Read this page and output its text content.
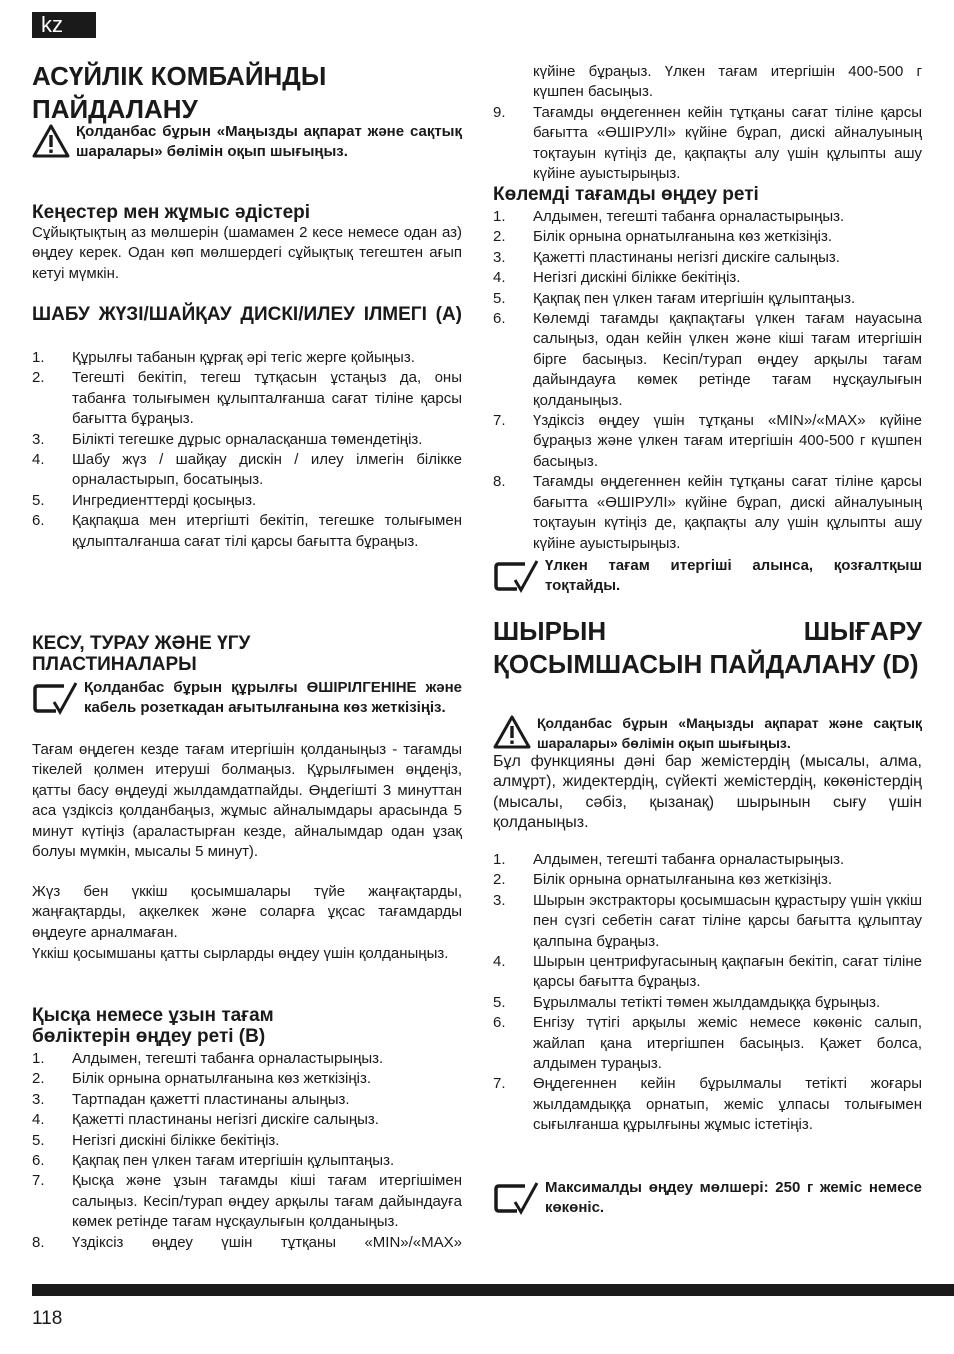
kz
АСҮЙЛІК КОМБАЙНДЫ ПАЙДАЛАНУ
Қолданбас бұрын «Маңызды ақпарат және сақтық шаралары» бөлімін оқып шығыңыз.
Кеңестер мен жұмыс әдістері
Сұйықтықтың аз мөлшерін (шамамен 2 кесе немесе одан аз) өңдеу керек. Одан көп мөлшердегі сұйықтық тегештен ағып кетуі мүмкін.
ШАБУ ЖҮЗІ/ШАЙҚАУ ДИСКІ/ИЛЕУ ІЛМЕГІ (A)
1.	Құрылғы табанын құрғақ әрі тегіс жерге қойыңыз.
2.	Тегешті бекітіп, тегеш тұтқасын ұстаңыз да, оны табанға толығымен құлыпталғанша сағат тіліне қарсы бағытта бұраңыз.
3.	Білікті тегешке дұрыс орналасқанша төмендетіңіз.
4.	Шабу жүз / шайқау дискін / илеу ілмегін білікке орналастырып, босатыңыз.
5.	Ингредиенттерді қосыңыз.
6.	Қақпақша мен итергішті бекітіп, тегешке толығымен құлыпталғанша сағат тілі қарсы бағытта бұраңыз.
КЕСУ, ТУРАУ ЖӘНЕ ҮГУ ПЛАСТИНАЛАРЫ
Қолданбас бұрын құрылғы ӨШІРІЛГЕНІНЕ және кабель розеткадан ағытылғанына көз жеткізіңіз.
Тағам өңдеген кезде тағам итергішін қолданыңыз - тағамды тікелей қолмен итеруші болмаңыз. Құрылғымен өңдеңіз, қатты басу өңдеуді жылдамдатпайды. Өңдегішті 3 минуттан аса үздіксіз қолданбаңыз, жұмыс айналымдары арасында 5 минут күтіңіз (араластырған кезде, айналымдар одан ұзақ болуы мүмкін, мысалы 5 минут).
Жүз бен үккіш қосымшалары түйе жаңғақтарды, жаңғақтарды, ақкелкек және соларға ұқсас тағамдарды өңдеуге арналмаған.
Үккіш қосымшаны қатты сырларды өңдеу үшін қолданыңыз.
Қысқа немесе ұзын тағам бөліктерін өңдеу реті (B)
1.	Алдымен, тегешті табанға орналастырыңыз.
2.	Білік орнына орнатылғанына көз жеткізіңіз.
3.	Тартпадан қажетті пластинаны алыңыз.
4.	Қажетті пластинаны негізгі дискіге салыңыз.
5.	Негізгі дискіні білікке бекітіңіз.
6.	Қақпақ пен үлкен тағам итергішін құлыптаңыз.
7.	Қысқа және ұзын тағамды кіші тағам итергішімен салыңыз. Кесіп/турап өңдеу арқылы тағам дайындауға көмек ретінде тағам нұсқаулығын қолданыңыз.
8.	Үздіксіз өңдеу үшін тұтқаны «MIN»/«MAX»
күйіне бұраңыз. Үлкен тағам итергішін 400-500 г күшпен басыңыз.
9.	Тағамды өңдегеннен кейін тұтқаны сағат тіліне қарсы бағытта «ӨШІРУЛІ» күйіне бұрап, дискі айналуының тоқтауын күтіңіз де, қақпақты алу үшін құлыпты ашу күйіне ауыстырыңыз.
Көлемді тағамды өңдеу реті
1.	Алдымен, тегешті табанға орналастырыңыз.
2.	Білік орнына орнатылғанына көз жеткізіңіз.
3.	Қажетті пластинаны негізгі дискіге салыңыз.
4.	Негізгі дискіні білікке бекітіңіз.
5.	Қақпақ пен үлкен тағам итергішін құлыптаңыз.
6.	Көлемді тағамды қақпақтағы үлкен тағам науасына салыңыз, одан кейін үлкен және кіші тағам итергішін бірге басыңыз. Кесіп/турап өңдеу арқылы тағам дайындауға көмек ретінде тағам нұсқаулығын қолданыңыз.
7.	Үздіксіз өңдеу үшін тұтқаны «MIN»/«MAX» күйіне бұраңыз және үлкен тағам итергішін 400-500 г күшпен басыңыз.
8.	Тағамды өңдегеннен кейін тұтқаны сағат тіліне қарсы бағытта «ӨШІРУЛІ» күйіне бұрап, дискі айналуының тоқтауын күтіңіз де, қақпақты алу үшін құлыпты ашу күйіне ауыстырыңыз.
Үлкен тағам итергіші алынса, қозғалтқыш тоқтайды.
ШЫРЫН ШЫҒАРУ ҚОСЫМШАСЫН ПАЙДАЛАНУ (D)
Қолданбас бұрын «Маңызды ақпарат және сақтық шаралары» бөлімін оқып шығыңыз.
Бұл функцияны дәні бар жемістердің (мысалы, алма, алмұрт), жидектердің, сүйекті жемістердің, көкөністердің (мысалы, сәбіз, қызанақ) шырынын сығу үшін қолданыңыз.
1.	Алдымен, тегешті табанға орналастырыңыз.
2.	Білік орнына орнатылғанына көз жеткізіңіз.
3.	Шырын экстракторы қосымшасын құрастыру үшін үккіш пен сүзгі себетін сағат тіліне қарсы бағытта құлыптау қалпына бұраңыз.
4.	Шырын центрифугасының қақпағын бекітіп, сағат тіліне қарсы бағытта бұраңыз.
5.	Бұрылмалы тетікті төмен жылдамдыққа бұрыңыз.
6.	Енгізу түтігі арқылы жеміс немесе көкөніс салып, жайлап қана итергішпен басыңыз. Қажет болса, алдымен тураңыз.
7.	Өңдегеннен кейін бұрылмалы тетікті жоғары жылдамдыққа орнатып, жеміс ұлпасы толығымен сығылғанша құрылғыны жұмыс істетіңіз.
Максималды өңдеу мөлшері: 250 г жеміс немесе көкөніс.
118
